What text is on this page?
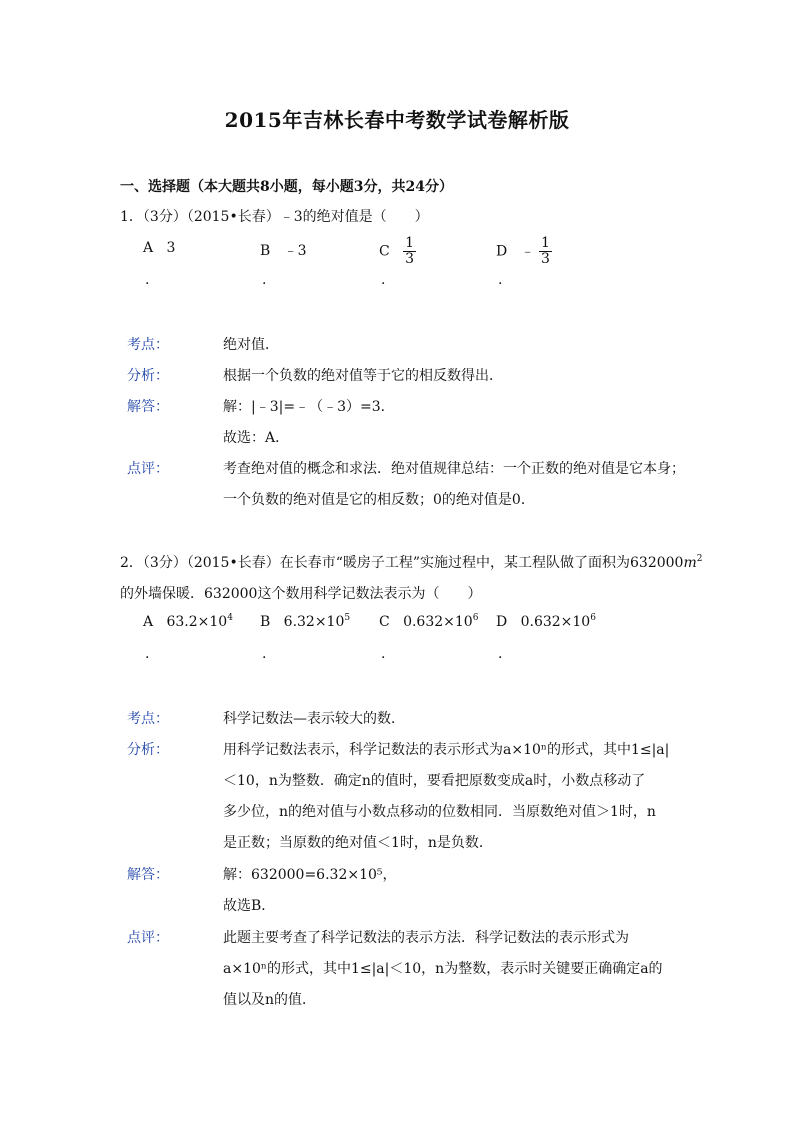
2015年吉林长春中考数学试卷解析版
一、选择题（本大题共8小题，每小题3分，共24分）
1．（3分）（2015•长春）﹣3的绝对值是（　　）
A 3	B ﹣3	C $\frac{1}{3}$	D ﹣ $\frac{1}{3}$
.	.	.	.
考点：	绝对值．
分析：	根据一个负数的绝对值等于它的相反数得出．
解答：	解：|﹣3|=﹣（﹣3）=3．
故选：A．
点评：	考查绝对值的概念和求法．绝对值规律总结：一个正数的绝对值是它本身；
一个负数的绝对值是它的相反数；0的绝对值是0．
2．（3分）（2015•长春）在长春市“暖房子工程”实施过程中，某工程队做了面积为$632000m^2$
的外墙保暖．632000这个数用科学记数法表示为（　　）
A $63.2\times 10^4$ B $6.32\times 10^5$ C $0.632\times 10^6$ D $0.632\times 10^6$
.	.	.	.
考点：	科学记数法—表示较大的数．
分析：	用科学记数法表示，科学记数法的表示形式为a×10ⁿ的形式，其中1≤|a|
＜10，n为整数．确定n的值时，要看把原数变成a时，小数点移动了
多少位，n的绝对值与小数点移动的位数相同．当原数绝对值＞1时，n
是正数；当原数的绝对值＜1时，n是负数．
解答：	解：632000=6.32×10⁵，
故选B．
点评：	此题主要考查了科学记数法的表示方法．科学记数法的表示形式为
a×10ⁿ的形式，其中1≤|a|＜10，n为整数，表示时关键要正确确定a的
值以及n的值．
